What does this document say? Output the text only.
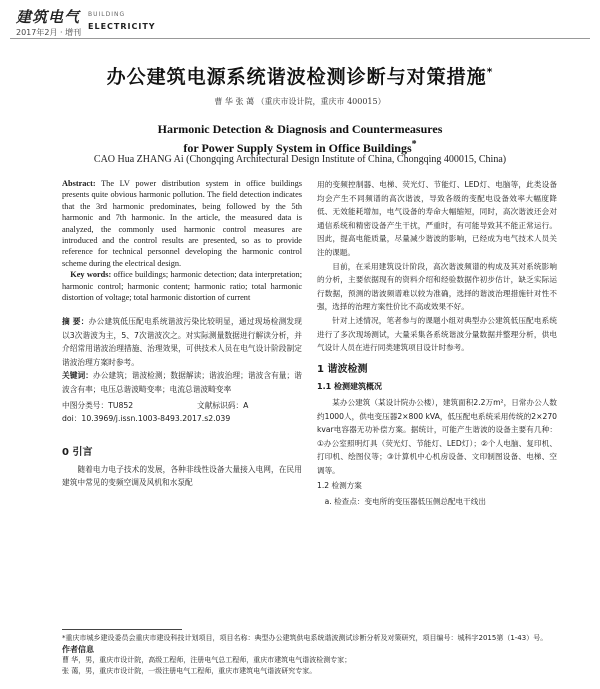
建筑电气 BUILDING
ELECTRICITY
2017年2月 · 增刊
办公建筑电源系统谐波检测诊断与对策措施*
曹 华 张 蔼 （重庆市设计院，重庆市 400015）
Harmonic Detection & Diagnosis and Countermeasures
for Power Supply System in Office Buildings*
CAO Hua ZHANG Ai (Chongqing Architectural Design Institute of China, Chongqing 400015, China)

Abstract: The LV power distribution system in office buildings presents quite obvious harmonic pollution. The field detection indicates that the 3rd harmonic predominates, being followed by the 5th harmonic and 7th harmonic. In the article, the measured data is analyzed, the commonly used harmonic control measures are introduced and the control results are presented, so as to provide reference for technical personnel developing the harmonic control scheme during the electrical design.

Key words: office buildings; harmonic detection; data interpretation; harmonic control; harmonic content; harmonic ratio; total harmonic distortion of voltage; total harmonic distortion of current

摘 要：办公建筑低压配电系统谐波污染比较明显，通过现场检测发现以3次谐波为主，5、7次谐波次之。对实际测量数据进行解读分析，并介绍常用谐波治理措施、治理效果，可供技术人员在电气设计阶段制定谐波治理方案时参考。

关键词：办公建筑；谐波检测；数据解读；谐波治理；谐波含有量；谐波含有率；电压总谐波畸变率；电流总谐波畸变率

中图分类号：TU852	文献标识码：A
doi： 10.3969/j.issn.1003-8493.2017.s2.039
0 引言

随着电力电子技术的发展，各种非线性设备大量接入电网，在民用建筑中常见的变频空调及风机和水泵配

用的变频控制器、电梯、荧光灯、节能灯、LED灯、电脑等，此类设备均会产生不同频谱的高次谐波，导致各级的变配电设备效率大幅度降低、无效能耗增加，电气设备的寿命大幅缩短，同时，高次谐波还会对通信系统和精密设备产生干扰，严重时，有可能导致其不能正常运行。因此，提高电能质量，尽量减少谐波的影响，已经成为电气技术人员关注的课题。

目前，在采用建筑设计阶段，高次谐波频谱的构成及其对系统影响的分析，主要依据现有的资料介绍和经验数据作初步估计，缺乏实际运行数据，预测的谐波频谱难以较为准确，选择的谐波治理措施针对性不强，选择的治理方案性价比不高或效果不好。

针对上述情况，笔者参与的课题小组对典型办公建筑低压配电系统进行了多次现场测试，大量采集各系统谐波分量数据并整理分析，供电气设计人员在进行同类建筑项目设计时参考。

1 谐波检测
1.1 检测建筑概况

某办公建筑（某设计院办公楼），建筑面积2.2万m²，日常办公人数约1000人，供电变压器2×800 kVA，低压配电系统采用传统的2×270 kvar电容器无功补偿方案。据统计，可能产生谐波的设备主要有几种：①办公室照明灯具（荧光灯、节能灯、LED灯）；②个人电脑、复印机、打印机、绘图仪等；③计算机中心机房设备、文印制图设备、电梯、空调等。

1.2 检测方案

a. 检查点：变电所的变压器低压侧总配电干线出

*重庆市城乡建设委员会重庆市建设科技计划项目，项目名称：典型办公建筑供电系统谐波测试诊断分析及对策研究，项目编号：城科字2015第（1-43）号。
作者信息
曹 华，男，重庆市设计院，高级工程师，注册电气总工程师，重庆市建筑电气谐波检测专家；
张 蔼，男，重庆市设计院，一级注册电气工程师，重庆市建筑电气谐波研究专家。
